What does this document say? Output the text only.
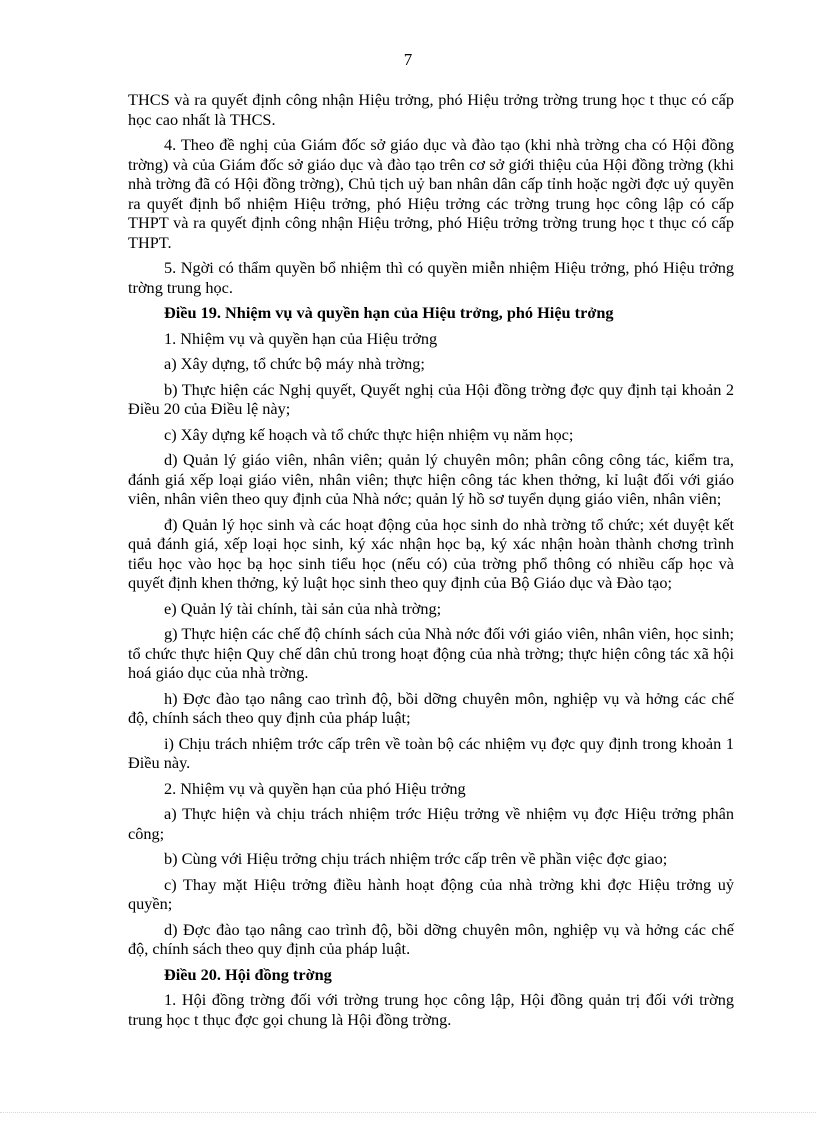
7

THCS và ra quyết định công nhận Hiệu trởng, phó Hiệu trởng trờng trung học t thục có cấp học cao nhất là THCS.

4. Theo đề nghị của Giám đốc sở giáo dục và đào tạo (khi nhà trờng cha có Hội đồng trờng) và của Giám đốc sở giáo dục và đào tạo trên cơ sở giới thiệu của Hội đồng trờng (khi nhà trờng đã có Hội đồng trờng), Chủ tịch uỷ ban nhân dân cấp tỉnh hoặc ngời đợc uỷ quyền ra quyết định bổ nhiệm Hiệu trởng, phó Hiệu trởng các trờng trung học công lập có cấp THPT và ra quyết định công nhận Hiệu trởng, phó Hiệu trởng trờng trung học t thục có cấp THPT.

5. Ngời có thẩm quyền bổ nhiệm thì có quyền miễn nhiệm Hiệu trởng, phó Hiệu trởng trờng trung học.

Điều 19. Nhiệm vụ và quyền hạn của Hiệu trởng, phó Hiệu trởng

1. Nhiệm vụ và quyền hạn của Hiệu trởng

a) Xây dựng, tổ chức bộ máy nhà trờng;

b) Thực hiện các Nghị quyết, Quyết nghị của Hội đồng trờng đợc quy định tại khoản 2 Điều 20 của Điều lệ này;

c) Xây dựng kế hoạch và tổ chức thực hiện nhiệm vụ năm học;

d) Quản lý giáo viên, nhân viên; quản lý chuyên môn; phân công công tác, kiểm tra, đánh giá xếp loại giáo viên, nhân viên; thực hiện công tác khen thởng, kỉ luật đối với giáo viên, nhân viên theo quy định của Nhà nớc; quản lý hồ sơ tuyển dụng giáo viên, nhân viên;

đ) Quản lý học sinh và các hoạt động của học sinh do nhà trờng tổ chức; xét duyệt kết quả đánh giá, xếp loại học sinh, ký xác nhận học bạ, ký xác nhận hoàn thành chơng trình tiểu học vào học bạ học sinh tiểu học (nếu có) của trờng phổ thông có nhiều cấp học và quyết định khen thởng, kỷ luật học sinh theo quy định của Bộ Giáo dục và Đào tạo;

e) Quản lý tài chính, tài sản của nhà trờng;

g) Thực hiện các chế độ chính sách của Nhà nớc đối với giáo viên, nhân viên, học sinh; tổ chức thực hiện Quy chế dân chủ trong hoạt động của nhà trờng; thực hiện công tác xã hội hoá giáo dục của nhà trờng.

h) Đợc đào tạo nâng cao trình độ, bồi dỡng chuyên môn, nghiệp vụ và hởng các chế độ, chính sách theo quy định của pháp luật;

i) Chịu trách nhiệm trớc cấp trên về toàn bộ các nhiệm vụ đợc quy định trong khoản 1 Điều này.

2. Nhiệm vụ và quyền hạn của phó Hiệu trởng

a) Thực hiện và chịu trách nhiệm trớc Hiệu trởng về nhiệm vụ đợc Hiệu trởng phân công;

b) Cùng với Hiệu trởng chịu trách nhiệm trớc cấp trên về phần việc đợc giao;

c) Thay mặt Hiệu trởng điều hành hoạt động của nhà trờng khi đợc Hiệu trởng uỷ quyền;

d) Đợc đào tạo nâng cao trình độ, bồi dỡng chuyên môn, nghiệp vụ và hởng các chế độ, chính sách theo quy định của pháp luật.

Điều 20. Hội đồng trờng

1. Hội đồng trờng đối với trờng trung học công lập, Hội đồng quản trị đối với trờng trung học t thục đợc gọi chung là Hội đồng trờng.
